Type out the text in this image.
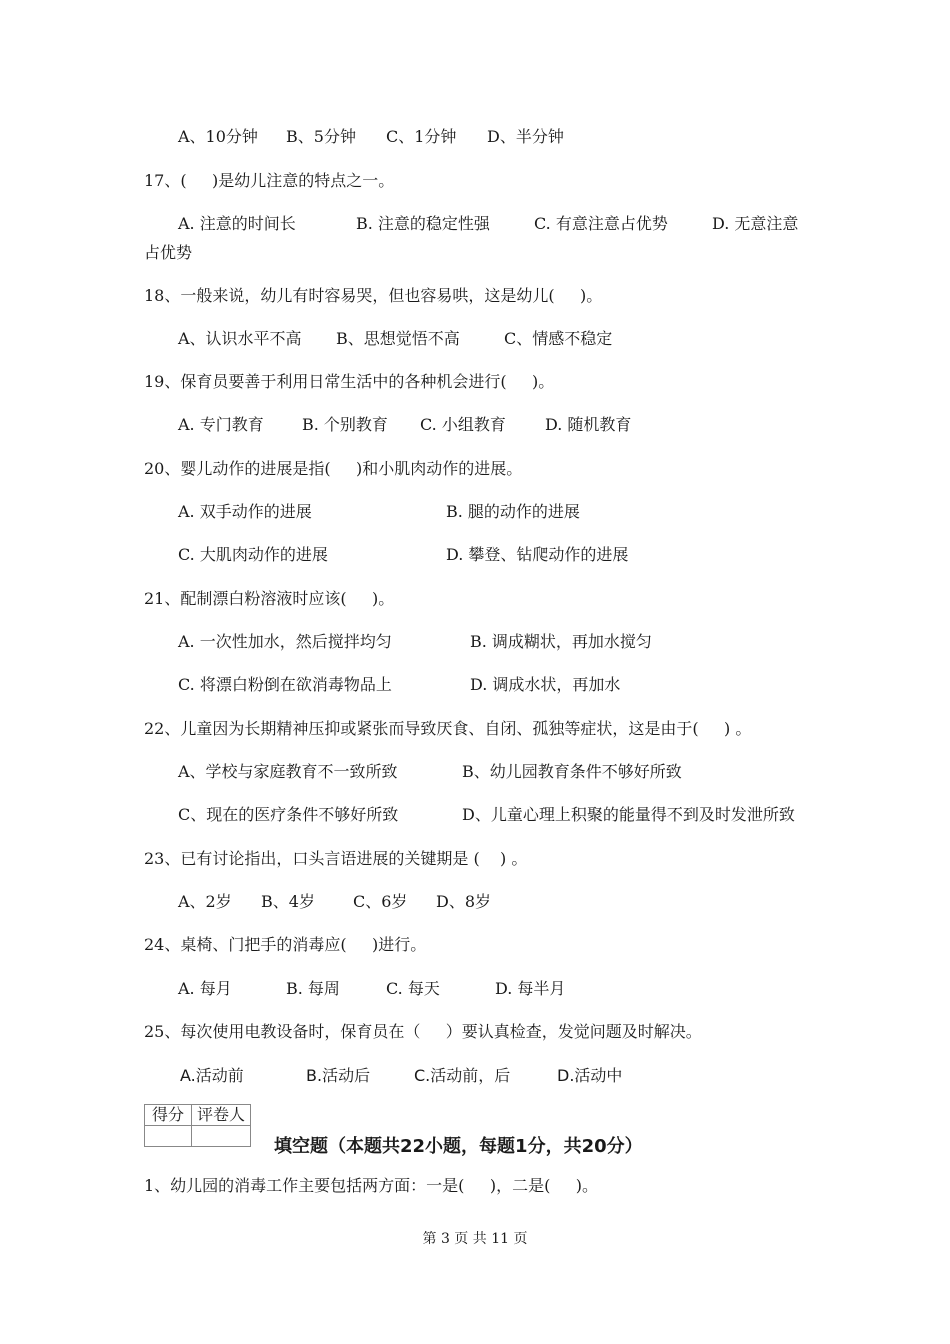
A、10分钟 B、5分钟 C、1分钟 D、半分钟
17、(     )是幼儿注意的特点之一。
A. 注意的时间长	B. 注意的稳定性强	C. 有意注意占优势	D. 无意注意
占优势
18、一般来说，幼儿有时容易哭，但也容易哄，这是幼儿(     )。
A、认识水平不高 B、思想觉悟不高	C、情感不稳定
19、保育员要善于利用日常生活中的各种机会进行(     )。
A. 专门教育 B. 个别教育 C. 小组教育 D. 随机教育
20、婴儿动作的进展是指(     )和小肌肉动作的进展。
A. 双手动作的进展	B. 腿的动作的进展
C. 大肌肉动作的进展	D. 攀登、钻爬动作的进展
21、配制漂白粉溶液时应该(     )。
A. 一次性加水，然后搅拌均匀	B. 调成糊状，再加水搅匀
C. 将漂白粉倒在欲消毒物品上	D. 调成水状，再加水
22、儿童因为长期精神压抑或紧张而导致厌食、自闭、孤独等症状，这是由于(     ) 。
A、学校与家庭教育不一致所致	B、幼儿园教育条件不够好所致
C、现在的医疗条件不够好所致	D、儿童心理上积聚的能量得不到及时发泄所致
23、已有讨论指出，口头言语进展的关键期是 (    ) 。
A、2岁 B、4岁 C、6岁 D、8岁
24、桌椅、门把手的消毒应(     )进行。
A. 每月	B. 每周	C. 每天	D. 每半月
25、每次使用电教设备时，保育员在（     ）要认真检查，发觉问题及时解决。
A.活动前	B.活动后	C.活动前，后	D.活动中
得分	评卷人

填空题（本题共22小题，每题1分，共20分）
1、幼儿园的消毒工作主要包括两方面：一是(     )，二是(     )。
第 3 页 共 11 页
